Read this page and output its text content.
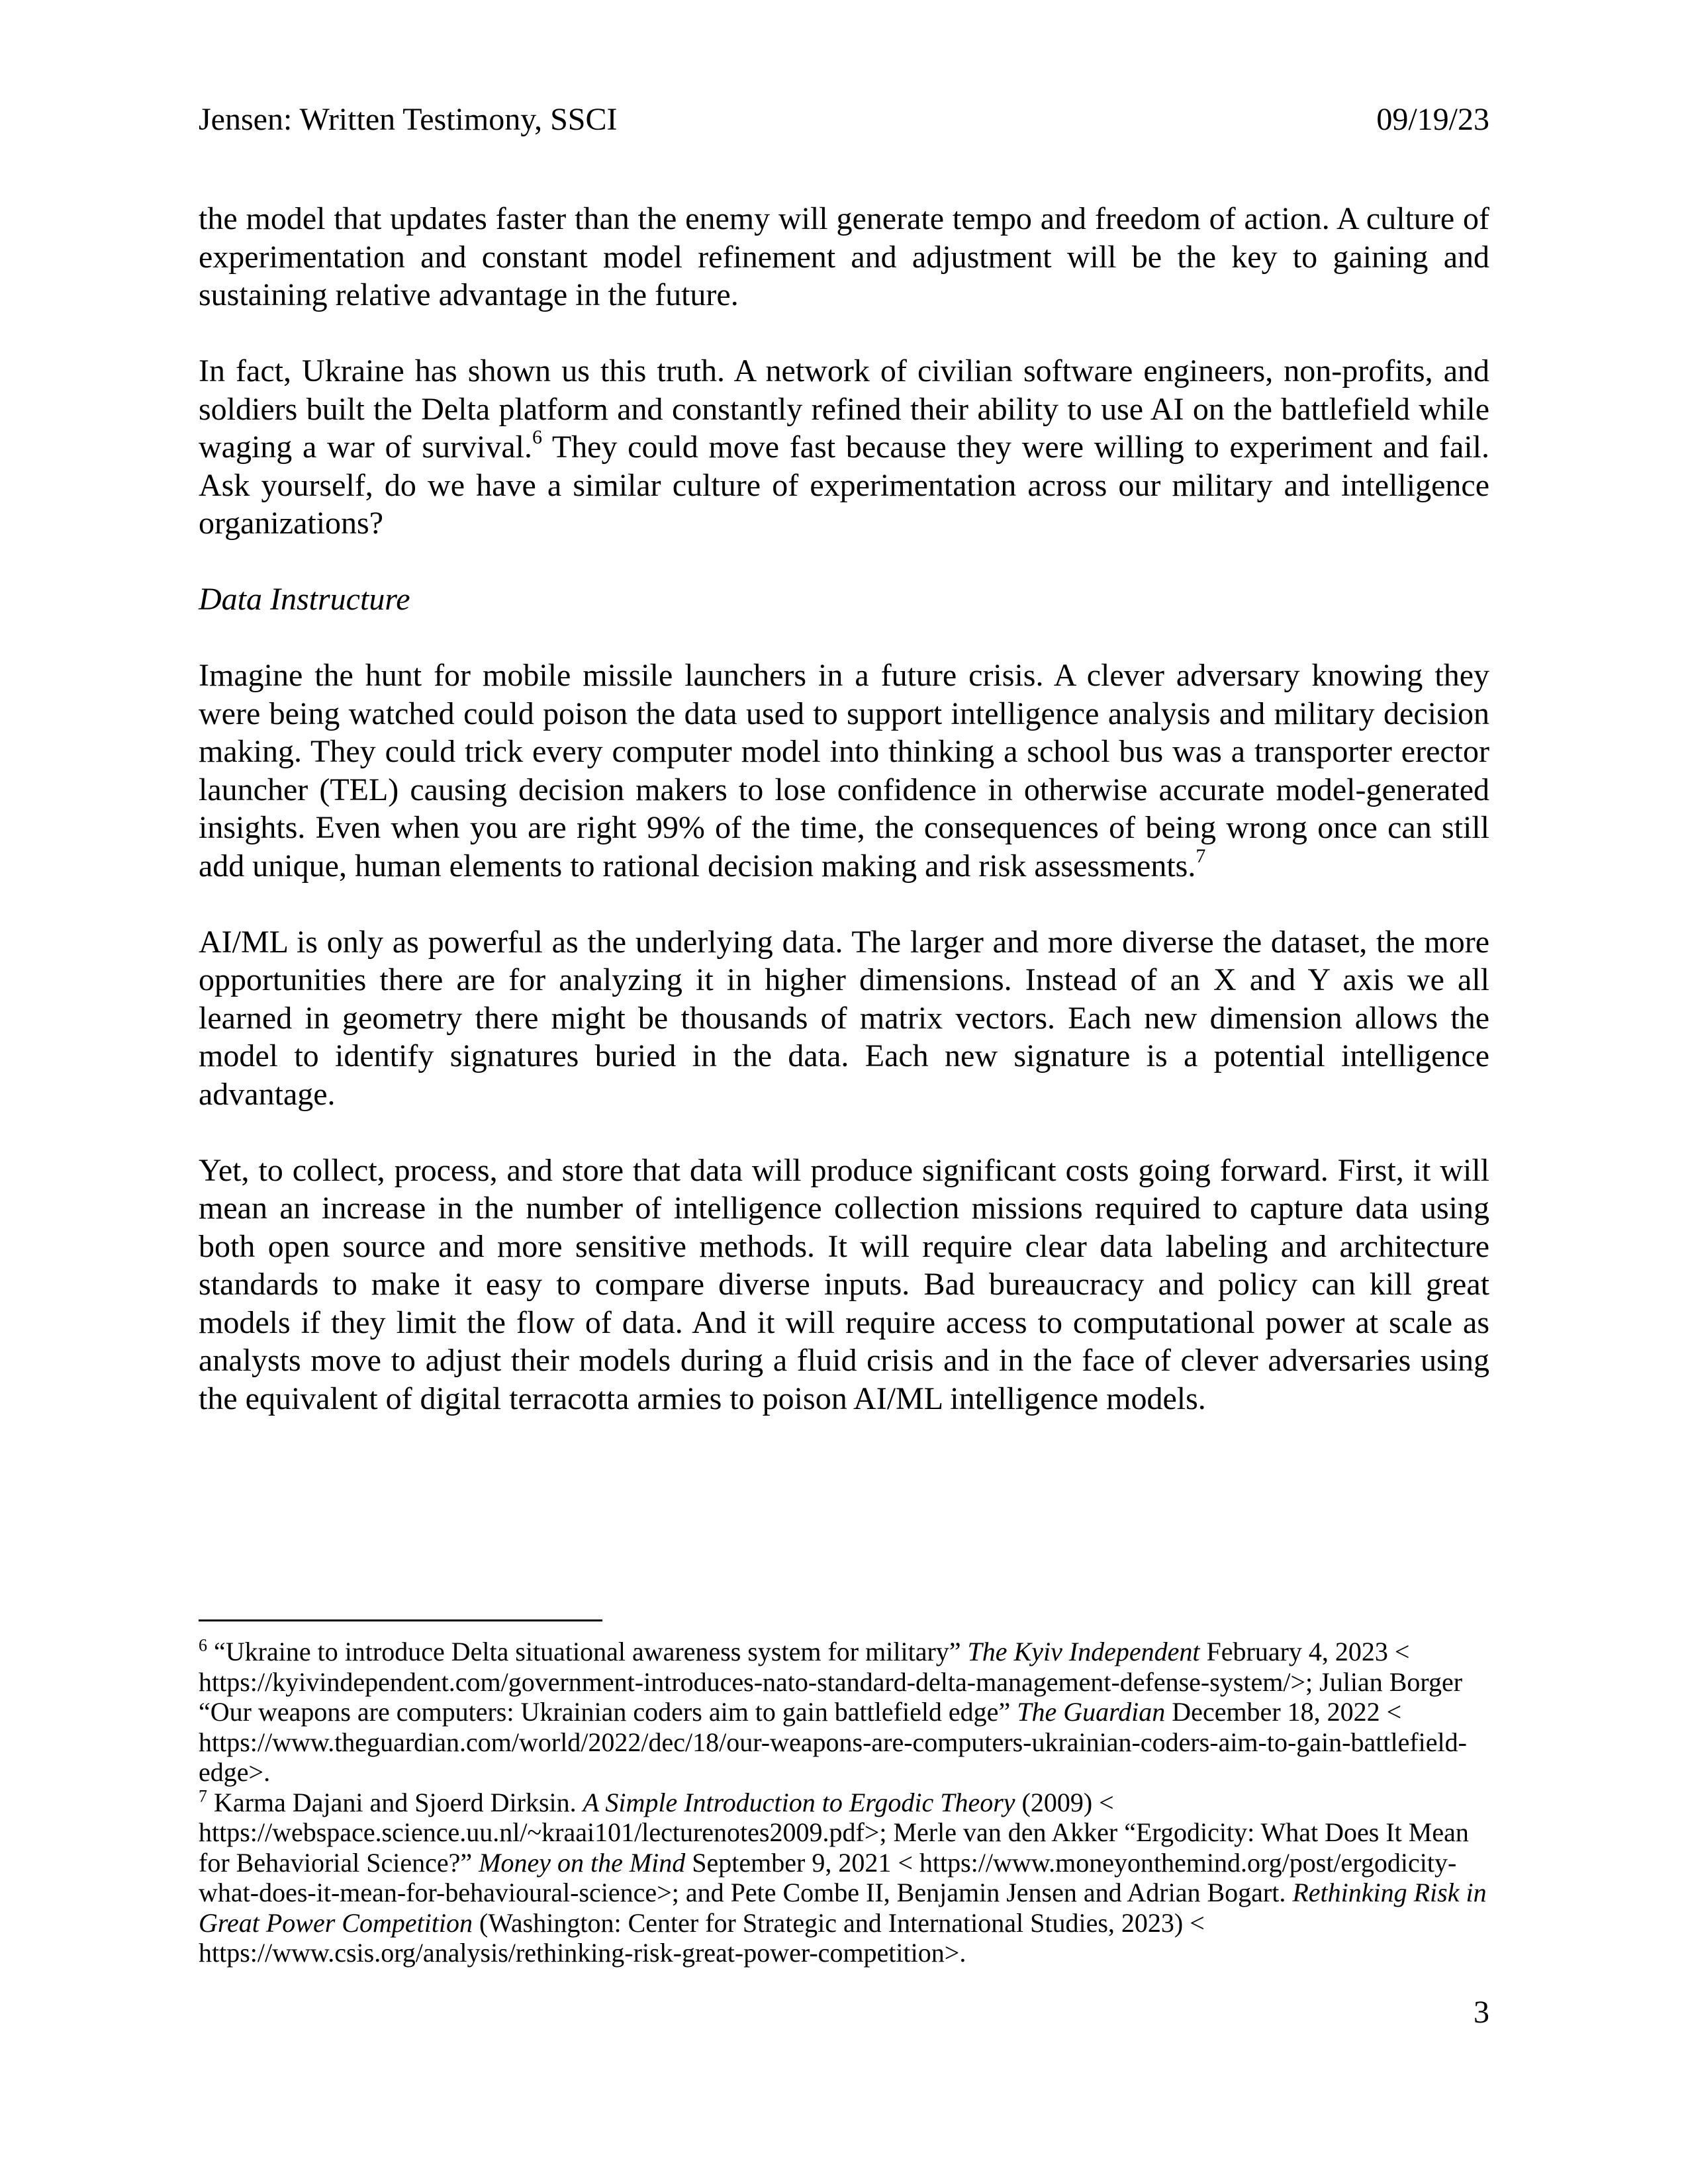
Jensen: Written Testimony, SSCI	09/19/23

the model that updates faster than the enemy will generate tempo and freedom of action. A culture of experimentation and constant model refinement and adjustment will be the key to gaining and sustaining relative advantage in the future.

In fact, Ukraine has shown us this truth. A network of civilian software engineers, non-profits, and soldiers built the Delta platform and constantly refined their ability to use AI on the battlefield while waging a war of survival.$^6$ They could move fast because they were willing to experiment and fail. Ask yourself, do we have a similar culture of experimentation across our military and intelligence organizations?

Data Instructure

Imagine the hunt for mobile missile launchers in a future crisis. A clever adversary knowing they were being watched could poison the data used to support intelligence analysis and military decision making. They could trick every computer model into thinking a school bus was a transporter erector launcher (TEL) causing decision makers to lose confidence in otherwise accurate model-generated insights. Even when you are right 99% of the time, the consequences of being wrong once can still add unique, human elements to rational decision making and risk assessments.$^7$

AI/ML is only as powerful as the underlying data. The larger and more diverse the dataset, the more opportunities there are for analyzing it in higher dimensions. Instead of an X and Y axis we all learned in geometry there might be thousands of matrix vectors. Each new dimension allows the model to identify signatures buried in the data. Each new signature is a potential intelligence advantage.

Yet, to collect, process, and store that data will produce significant costs going forward. First, it will mean an increase in the number of intelligence collection missions required to capture data using both open source and more sensitive methods. It will require clear data labeling and architecture standards to make it easy to compare diverse inputs. Bad bureaucracy and policy can kill great models if they limit the flow of data. And it will require access to computational power at scale as analysts move to adjust their models during a fluid crisis and in the face of clever adversaries using the equivalent of digital terracotta armies to poison AI/ML intelligence models.

$^6$ “Ukraine to introduce Delta situational awareness system for military” The Kyiv Independent February 4, 2023 < https://kyivindependent.com/government-introduces-nato-standard-delta-management-defense-system/>; Julian Borger “Our weapons are computers: Ukrainian coders aim to gain battlefield edge” The Guardian December 18, 2022 < https://www.theguardian.com/world/2022/dec/18/our-weapons-are-computers-ukrainian-coders-aim-to-gain-battlefield-edge>.

$^7$ Karma Dajani and Sjoerd Dirksin. A Simple Introduction to Ergodic Theory (2009) < https://webspace.science.uu.nl/~kraai101/lecturenotes2009.pdf>; Merle van den Akker “Ergodicity: What Does It Mean for Behaviorial Science?” Money on the Mind September 9, 2021 < https://www.moneyonthemind.org/post/ergodicity-what-does-it-mean-for-behavioural-science>; and Pete Combe II, Benjamin Jensen and Adrian Bogart. Rethinking Risk in Great Power Competition (Washington: Center for Strategic and International Studies, 2023) < https://www.csis.org/analysis/rethinking-risk-great-power-competition>.

3
